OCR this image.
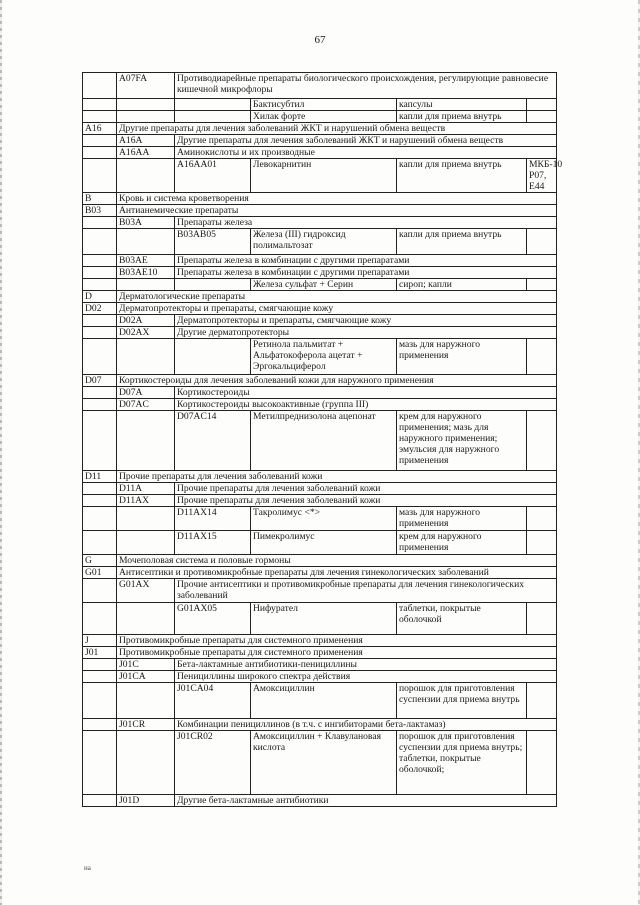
67
	A07FA	Противодиарейные препараты биологического происхождения, регулирующие равновесие кишечной микрофлоры			
			Бактисубтил	капсулы	
			Хилак форте	капли для приема внутрь	
A16	Другие препараты для лечения заболеваний ЖКТ и нарушений обмена веществ				
	A16A	Другие препараты для лечения заболеваний ЖКТ и нарушений обмена веществ			
	A16AA	Аминокислоты и их производные			
		A16AA01	Левокарнитин	капли для приема внутрь	МКБ-10 Р07, Е44
B	Кровь и система кроветворения				
B03	Антианемические препараты				
	B03A	Препараты железа			
		B03AB05	Железа (III) гидроксид полимальтозат	капли для приема внутрь	
	B03AE	Препараты железа в комбинации с другими препаратами			
	B03AE10	Препараты железа в комбинации с другими препаратами			
			Железа сульфат + Серин	сироп; капли	
D	Дерматологические препараты				
D02	Дерматопротекторы и препараты, смягчающие кожу				
	D02A	Дерматопротекторы и препараты, смягчающие кожу			
	D02AX	Другие дерматопротекторы			
			Ретинола пальмитат + Альфатокоферола ацетат + Эргокальциферол	мазь для наружного применения	
D07	Кортикостероиды для лечения заболеваний кожи для наружного применения				
	D07A	Кортикостероиды			
	D07AC	Кортикостероиды высокоактивные (группа III)			
		D07AC14	Метилпреднизолона ацепонат	крем для наружного применения; мазь для наружного применения; эмульсия для наружного применения	
D11	Прочие препараты для лечения заболеваний кожи				
	D11A	Прочие препараты для лечения заболеваний кожи			
	D11AX	Прочие препараты для лечения заболеваний кожи			
		D11AX14	Такролимус <*>	мазь для наружного применения	
		D11AX15	Пимекролимус	крем для наружного применения	
G	Мочеполовая система и половые гормоны				
G01	Антисептики и противомикробные препараты для лечения гинекологических заболеваний				
	G01AX	Прочие антисептики и противомикробные препараты для лечения гинекологических заболеваний			
		G01AX05	Нифурател	таблетки, покрытые оболочкой	
J	Противомикробные препараты для системного применения				
J01	Противомикробные препараты для системного применения				
	J01C	Бета-лактамные антибиотики-пенициллины			
	J01CA	Пенициллины широкого спектра действия			
		J01CA04	Амоксициллин	порошок для приготовления суспензии для приема внутрь	
	J01CR	Комбинации пенициллинов (в т.ч. с ингибиторами бета-лактамаз)			
		J01CR02	Амоксициллин + Клавулановая кислота	порошок для приготовления суспензии для приема внутрь; таблетки, покрытые оболочкой;	
	J01D	Другие бета-лактамные антибиотики			
на
